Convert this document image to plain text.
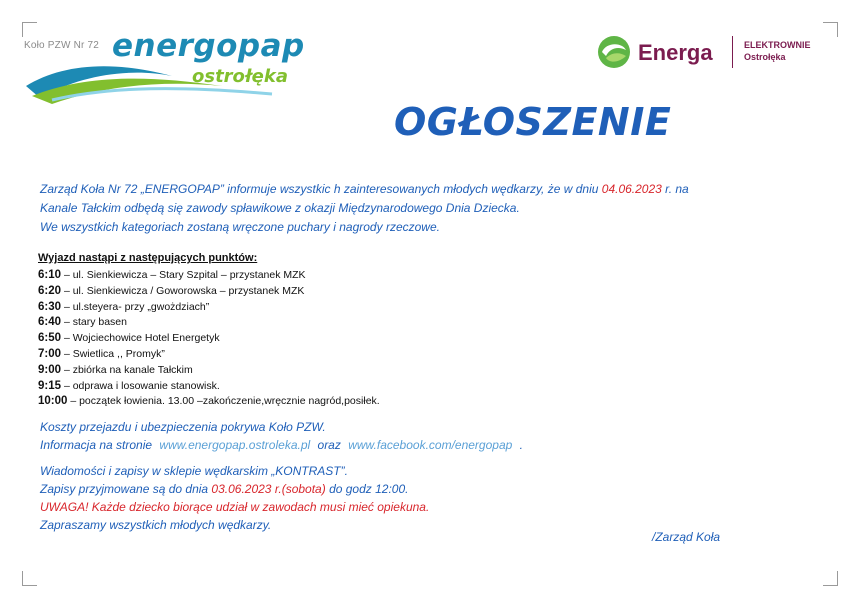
Koło PZW Nr 72 energopap
ostrołęka
Energa	ELEKTROWNIE
Ostrołęka
OGŁOSZENIE
Zarząd Koła Nr 72 „ENERGOPAP” informuje wszystkic h zainteresowanych młodych wędkarzy, że w dniu 04.06.2023 r. na
Kanale Tałckim odbędą się zawody spławikowe z okazji Międzynarodowego Dnia Dziecka.
We wszystkich kategoriach zostaną wręczone puchary i nagrody rzeczowe.
Wyjazd nastąpi z następujących punktów:
6:10 – ul. Sienkiewicza – Stary Szpital – przystanek MZK
6:20 – ul. Sienkiewicza / Goworowska – przystanek MZK
6:30 – ul.steyera- przy „gwożdziach”
6:40 – stary basen
6:50 – Wojciechowice Hotel Energetyk
7:00 – Swietlica ,, Promyk”
9:00 – zbiórka na kanale Tałckim
9:15 – odprawa i losowanie stanowisk.
10:00 – początek łowienia. 13.00 –zakończenie,wręcznie nagród,posiłek.
Koszty przejazdu i ubezpieczenia pokrywa Koło PZW.
Informacja na stronie www.energopap.ostroleka.pl oraz www.facebook.com/energopap .
Wiadomości i zapisy w sklepie wędkarskim „KONTRAST”.
Zapisy przyjmowane są do dnia 03.06.2023 r.(sobota) do godz 12:00.
UWAGA! Każde dziecko biorące udział w zawodach musi mieć opiekuna.
Zapraszamy wszystkich młodych wędkarzy.
/Zarząd Koła
